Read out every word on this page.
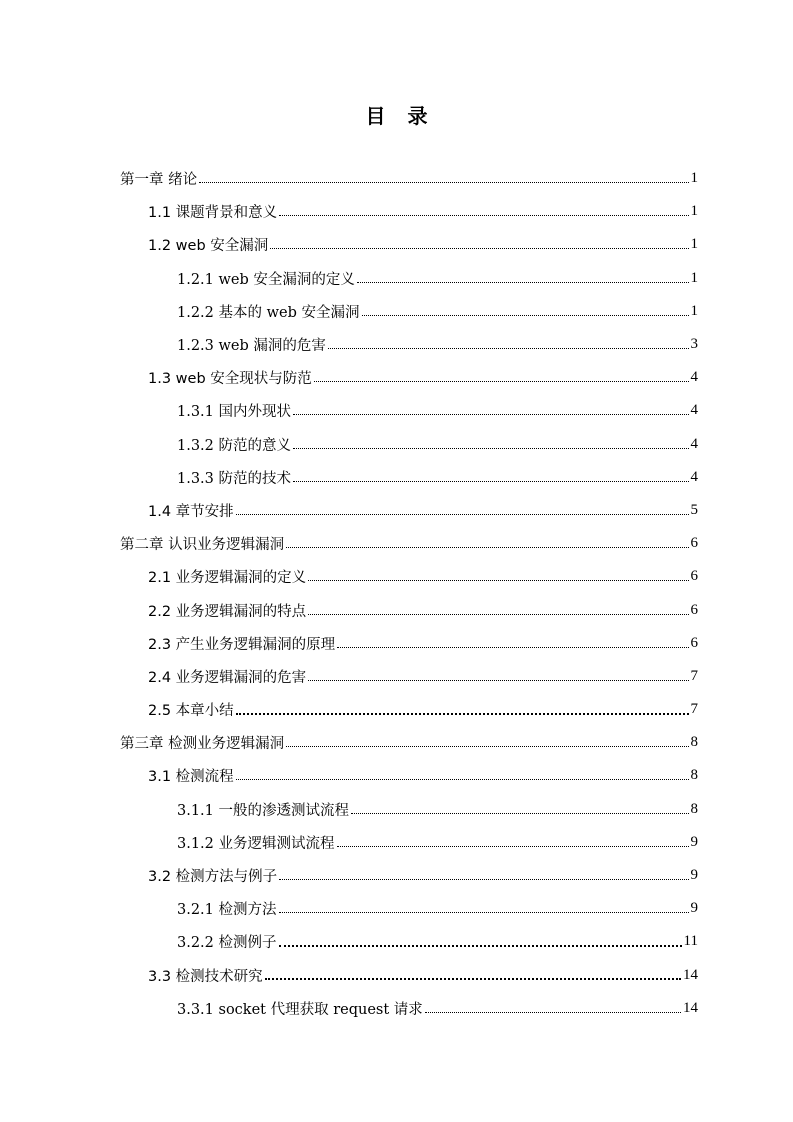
目 录
第一章 绪论	1
1.1 课题背景和意义	1
1.2 web 安全漏洞	1
1.2.1 web 安全漏洞的定义	1
1.2.2 基本的 web 安全漏洞	1
1.2.3 web 漏洞的危害	3
1.3 web 安全现状与防范	4
1.3.1 国内外现状	4
1.3.2 防范的意义	4
1.3.3 防范的技术	4
1.4 章节安排	5
第二章 认识业务逻辑漏洞	6
2.1 业务逻辑漏洞的定义	6
2.2 业务逻辑漏洞的特点	6
2.3 产生业务逻辑漏洞的原理	6
2.4 业务逻辑漏洞的危害	7
2.5 本章小结	7
第三章 检测业务逻辑漏洞	8
3.1 检测流程	8
3.1.1 一般的渗透测试流程	8
3.1.2 业务逻辑测试流程	9
3.2 检测方法与例子	9
3.2.1 检测方法	9
3.2.2 检测例子	11
3.3 检测技术研究	14
3.3.1 socket 代理获取 request 请求	14
